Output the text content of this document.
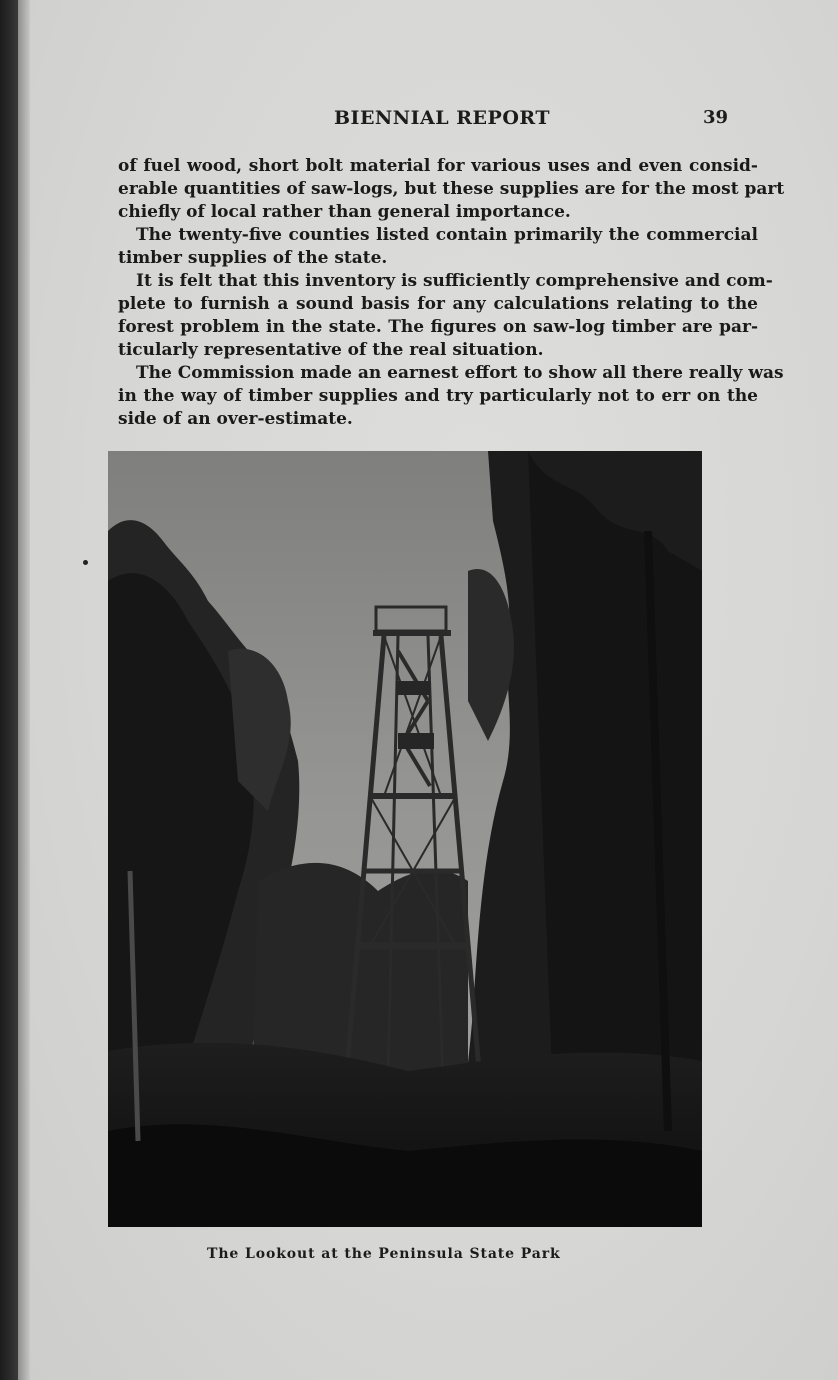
BIENNIAL REPORT	39
of fuel wood, short bolt material for various uses and even consid-
erable quantities of saw-logs, but these supplies are for the most part
chiefly of local rather than general importance.
The twenty-five counties listed contain primarily the commercial
timber supplies of the state.
It is felt that this inventory is sufficiently comprehensive and com-
plete to furnish a sound basis for any calculations relating to the
forest problem in the state. The figures on saw-log timber are par-
ticularly representative of the real situation.
The Commission made an earnest effort to show all there really was
in the way of timber supplies and try particularly not to err on the
side of an over-estimate.
The Lookout at the Peninsula State Park
